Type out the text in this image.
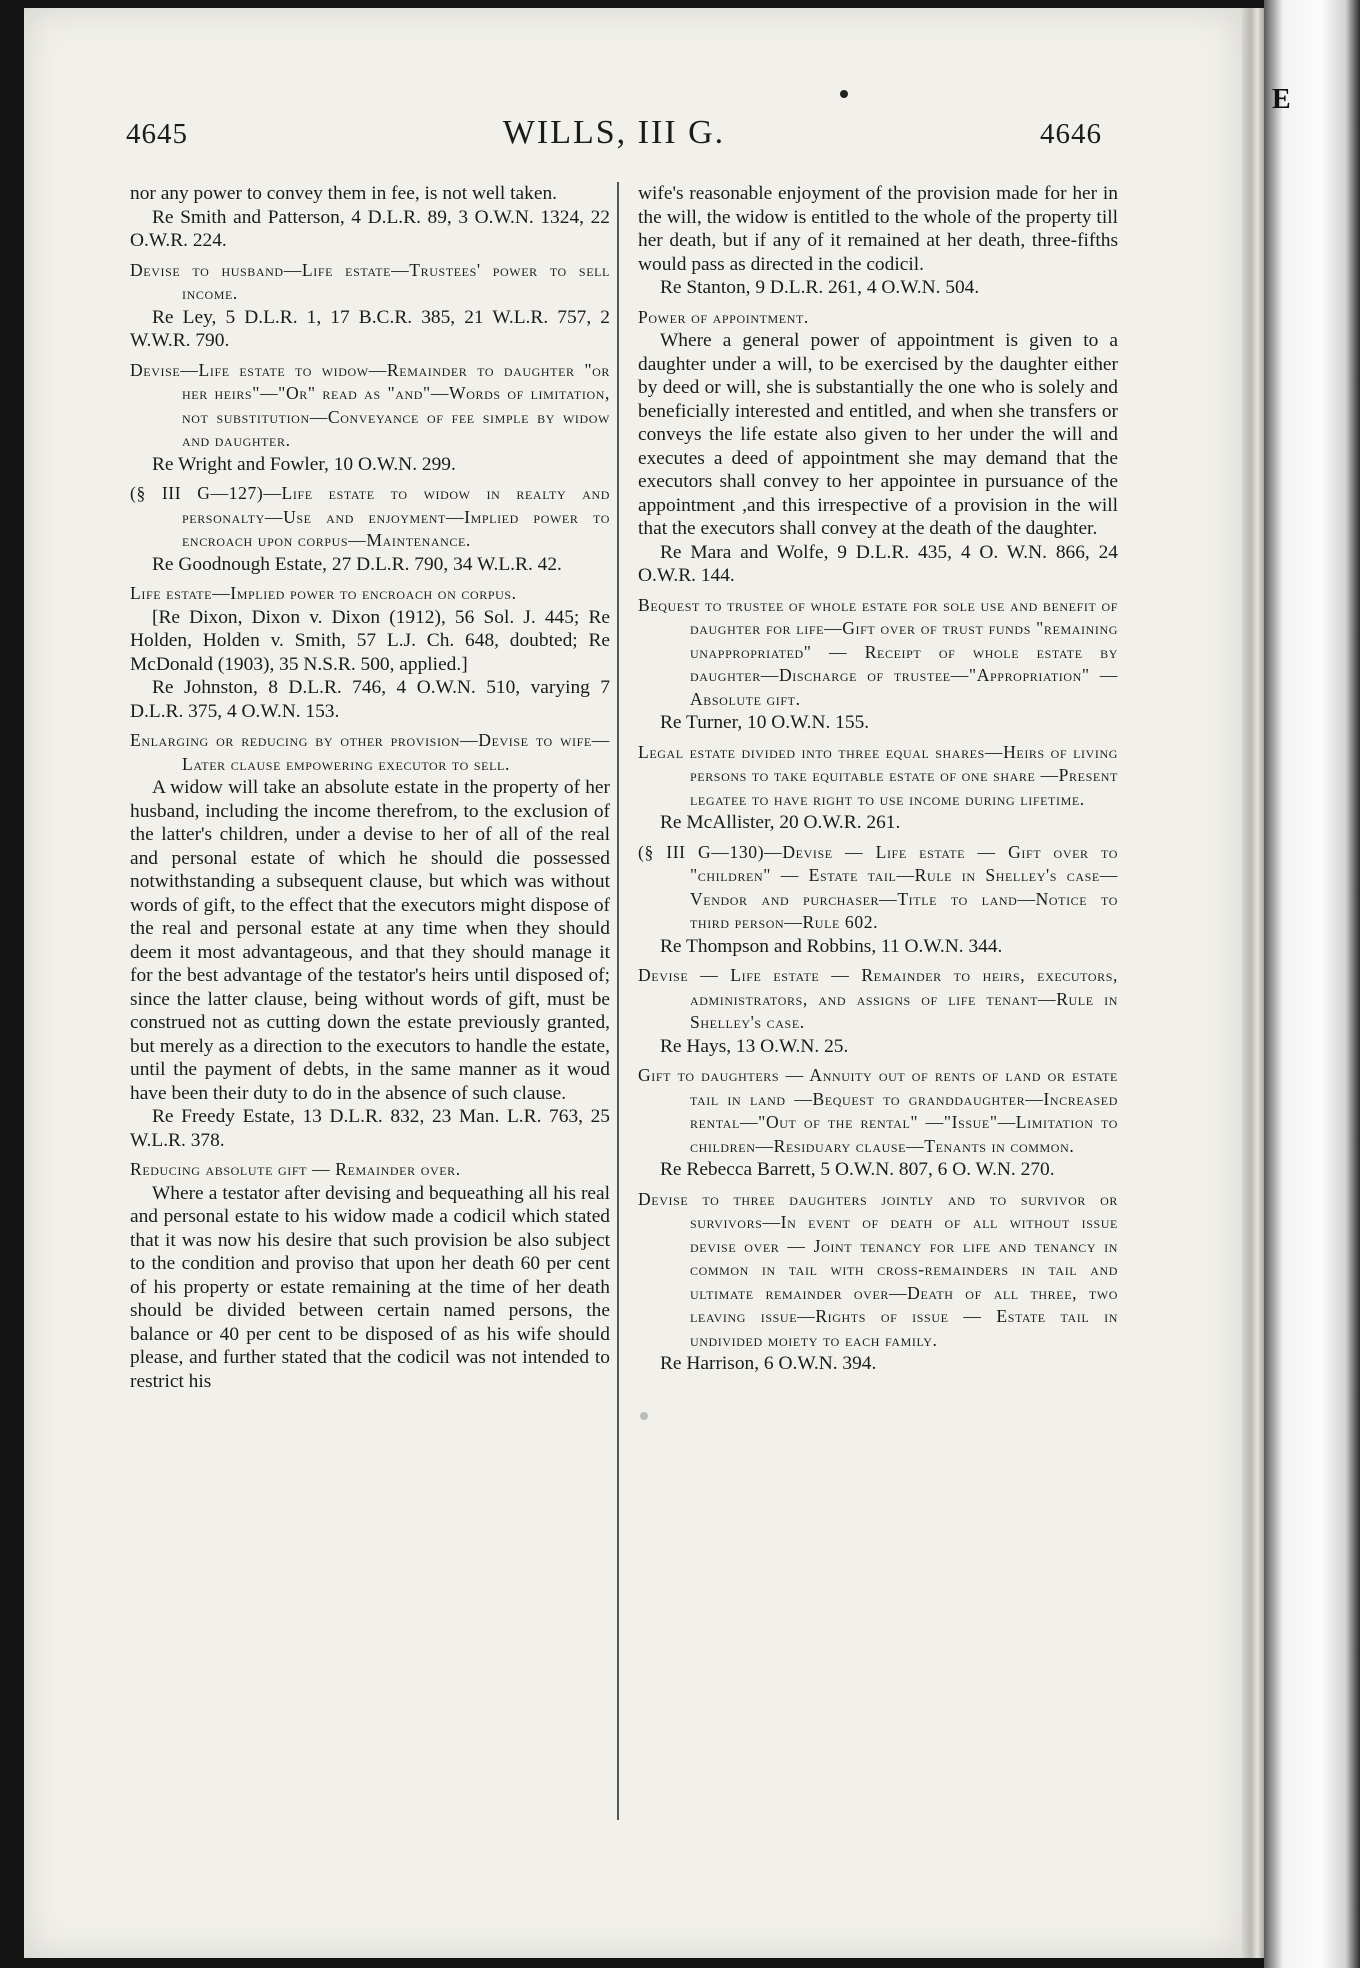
E
4645	WILLS, III G.	4646

nor any power to convey them in fee, is not well taken.

Re Smith and Patterson, 4 D.L.R. 89, 3 O.W.N. 1324, 22 O.W.R. 224.

Devise to husband—Life estate—Trustees' power to sell income.

Re Ley, 5 D.L.R. 1, 17 B.C.R. 385, 21 W.L.R. 757, 2 W.W.R. 790.

Devise—Life estate to widow—Remainder to daughter "or her heirs"—"Or" read as "and"—Words of limitation, not substitution—Conveyance of fee simple by widow and daughter.

Re Wright and Fowler, 10 O.W.N. 299.

(§ III G—127)—Life estate to widow in realty and personalty—Use and enjoyment—Implied power to encroach upon corpus—Maintenance.

Re Goodnough Estate, 27 D.L.R. 790, 34 W.L.R. 42.

Life estate—Implied power to encroach on corpus.

[Re Dixon, Dixon v. Dixon (1912), 56 Sol. J. 445; Re Holden, Holden v. Smith, 57 L.J. Ch. 648, doubted; Re McDonald (1903), 35 N.S.R. 500, applied.]

Re Johnston, 8 D.L.R. 746, 4 O.W.N. 510, varying 7 D.L.R. 375, 4 O.W.N. 153.

Enlarging or reducing by other provision—Devise to wife—Later clause empowering executor to sell.

A widow will take an absolute estate in the property of her husband, including the income therefrom, to the exclusion of the latter's children, under a devise to her of all of the real and personal estate of which he should die possessed notwithstanding a subsequent clause, but which was without words of gift, to the effect that the executors might dispose of the real and personal estate at any time when they should deem it most advantageous, and that they should manage it for the best advantage of the testator's heirs until disposed of; since the latter clause, being without words of gift, must be construed not as cutting down the estate previously granted, but merely as a direction to the executors to handle the estate, until the payment of debts, in the same manner as it woud have been their duty to do in the absence of such clause.

Re Freedy Estate, 13 D.L.R. 832, 23 Man. L.R. 763, 25 W.L.R. 378.

Reducing absolute gift — Remainder over.

Where a testator after devising and bequeathing all his real and personal estate to his widow made a codicil which stated that it was now his desire that such provision be also subject to the condition and proviso that upon her death 60 per cent of his property or estate remaining at the time of her death should be divided between certain named persons, the balance or 40 per cent to be disposed of as his wife should please, and further stated that the codicil was not intended to restrict his

wife's reasonable enjoyment of the provision made for her in the will, the widow is entitled to the whole of the property till her death, but if any of it remained at her death, three-fifths would pass as directed in the codicil.

Re Stanton, 9 D.L.R. 261, 4 O.W.N. 504.

Power of appointment.

Where a general power of appointment is given to a daughter under a will, to be exercised by the daughter either by deed or will, she is substantially the one who is solely and beneficially interested and entitled, and when she transfers or conveys the life estate also given to her under the will and executes a deed of appointment she may demand that the executors shall convey to her appointee in pursuance of the appointment ,and this irrespective of a provision in the will that the executors shall convey at the death of the daughter.

Re Mara and Wolfe, 9 D.L.R. 435, 4 O. W.N. 866, 24 O.W.R. 144.

Bequest to trustee of whole estate for sole use and benefit of daughter for life—Gift over of trust funds "remaining unappropriated" — Receipt of whole estate by daughter—Discharge of trustee—"Appropriation" —Absolute gift.

Re Turner, 10 O.W.N. 155.

Legal estate divided into three equal shares—Heirs of living persons to take equitable estate of one share —Present legatee to have right to use income during lifetime.

Re McAllister, 20 O.W.R. 261.

(§ III G—130)—Devise — Life estate — Gift over to "children" — Estate tail—Rule in Shelley's case—Vendor and purchaser—Title to land—Notice to third person—Rule 602.

Re Thompson and Robbins, 11 O.W.N. 344.

Devise — Life estate — Remainder to heirs, executors, administrators, and assigns of life tenant—Rule in Shelley's case.

Re Hays, 13 O.W.N. 25.

Gift to daughters — Annuity out of rents of land or estate tail in land —Bequest to granddaughter—Increased rental—"Out of the rental" —"Issue"—Limitation to children—Residuary clause—Tenants in common.

Re Rebecca Barrett, 5 O.W.N. 807, 6 O. W.N. 270.

Devise to three daughters jointly and to survivor or survivors—In event of death of all without issue devise over — Joint tenancy for life and tenancy in common in tail with cross-remainders in tail and ultimate remainder over—Death of all three, two leaving issue—Rights of issue — Estate tail in undivided moiety to each family.

Re Harrison, 6 O.W.N. 394.
